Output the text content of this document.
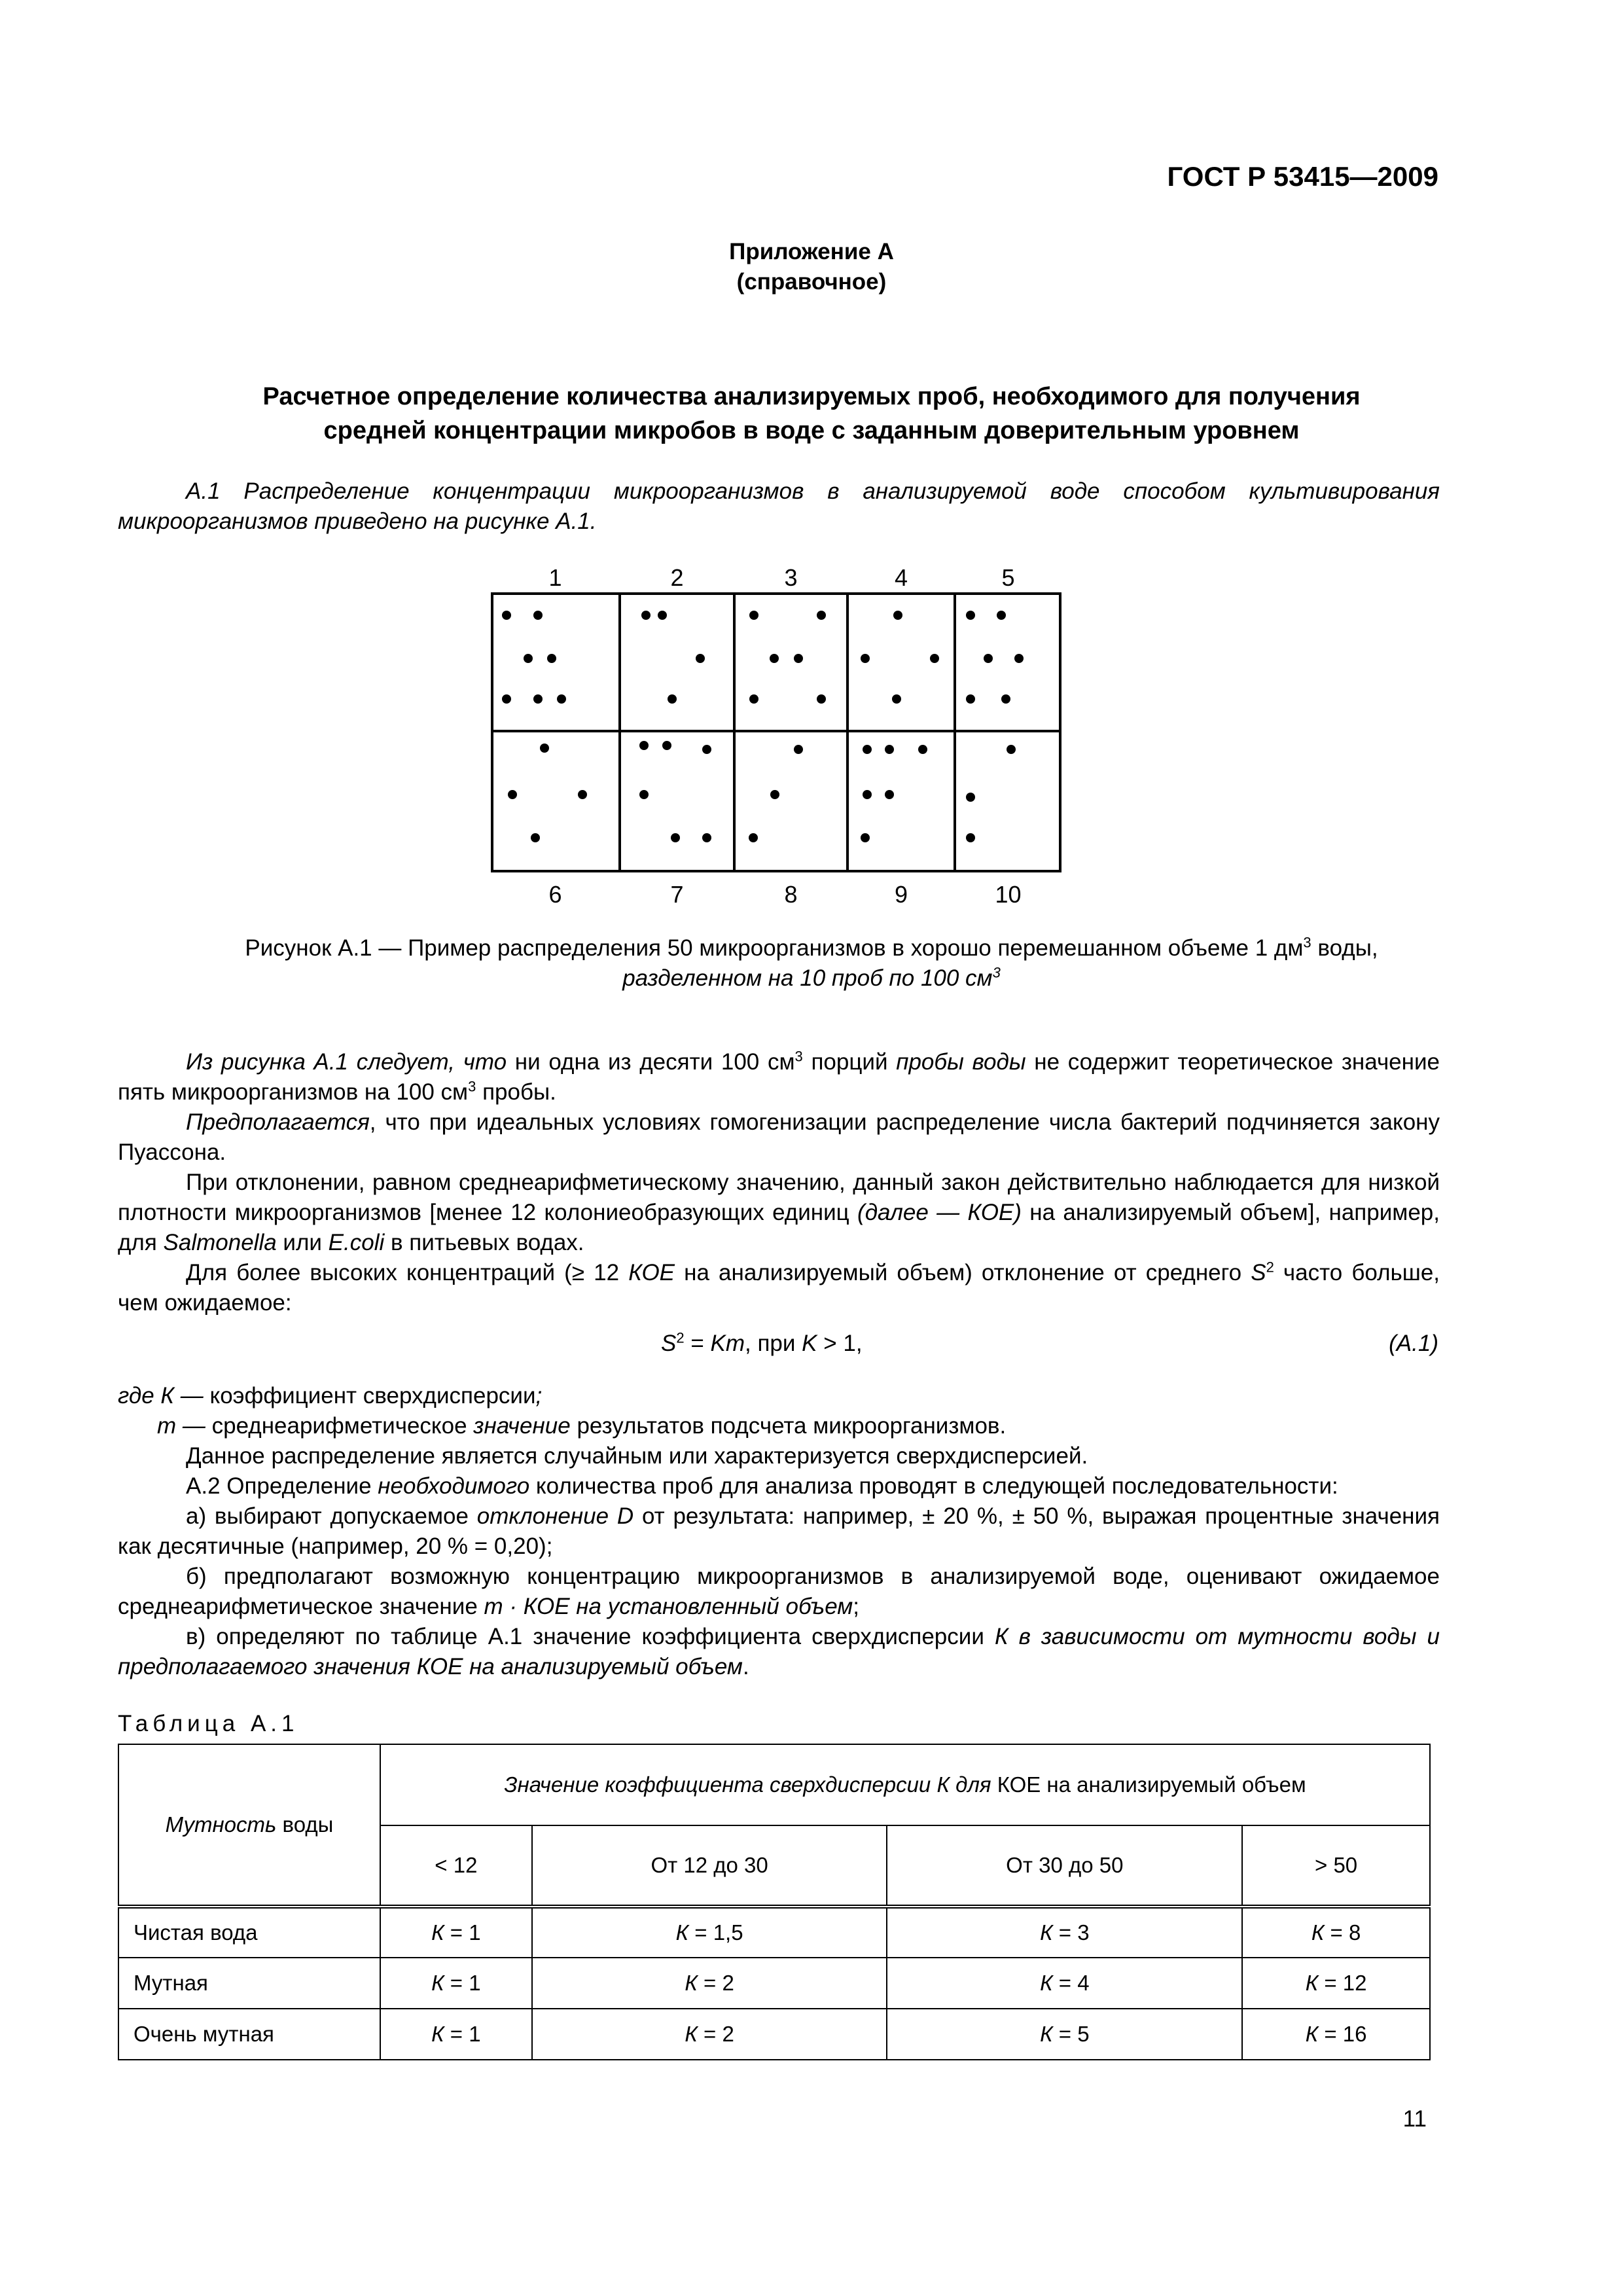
ГОСТ Р 53415—2009
Приложение А
(справочное)
Расчетное определение количества анализируемых проб, необходимого для получения
средней концентрации микробов в воде с заданным доверительным уровнем
А.1 Распределение концентрации микроорганизмов в анализируемой воде способом культивирования микроорганизмов приведено на рисунке А.1.
1	2	3	4	5
6	7	8	9	10
Рисунок А.1 — Пример распределения 50 микроорганизмов в хорошо перемешанном объеме 1 $дм^3$ воды,
разделенном на 10 проб по 100 $см^3$
Из рисунка А.1 следует, что ни одна из десяти 100 $см^3$ порций пробы воды не содержит теоретическое значение пять микроорганизмов на 100 $см^3$ пробы.
Предполагается, что при идеальных условиях гомогенизации распределение числа бактерий подчиняется закону Пуассона.
При отклонении, равном среднеарифметическому значению, данный закон действительно наблюдается для низкой плотности микроорганизмов [менее 12 колониеобразующих единиц (далее — КОЕ) на анализируемый объем], например, для Salmonella или E.coli в питьевых водах.
Для более высоких концентраций (≥ 12 КОЕ на анализируемый объем) отклонение от среднего $S^2$ часто больше, чем ожидаемое:
$S^2 = Km$, при K > 1,	(А.1)
где К — коэффициент сверхдисперсии;
m — среднеарифметическое значение результатов подсчета микроорганизмов.
Данное распределение является случайным или характеризуется сверхдисперсией.
А.2 Определение необходимого количества проб для анализа проводят в следующей последовательности:
а) выбирают допускаемое отклонение D от результата: например, ± 20 %, ± 50 %, выражая процентные значения как десятичные (например, 20 % = 0,20);
б) предполагают возможную концентрацию микроорганизмов в анализируемой воде, оценивают ожидаемое среднеарифметическое значение m · КОЕ на установленный объем;
в) определяют по таблице А.1 значение коэффициента сверхдисперсии К в зависимости от мутности воды и предполагаемого значения КОЕ на анализируемый объем.
Таблица А.1
Мутность воды	Значение коэффициента сверхдисперсии К для КОЕ на анализируемый объем			
	< 12	От 12 до 30	От 30 до 50	> 50
Чистая вода	К = 1	К = 1,5	К = 3	К = 8
Мутная	К = 1	К = 2	К = 4	К = 12
Очень мутная	К = 1	К = 2	К = 5	К = 16
11
